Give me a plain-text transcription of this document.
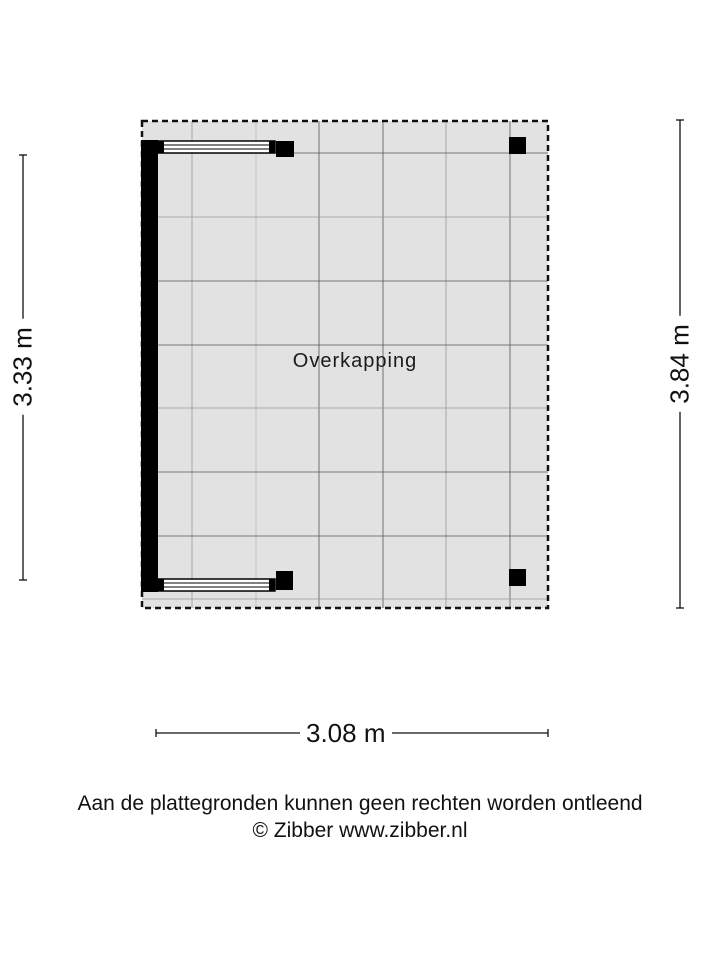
Overkapping
3.33 m	3.84 m
3.08 m
Aan de plattegronden kunnen geen rechten worden ontleend
© Zibber www.zibber.nl
